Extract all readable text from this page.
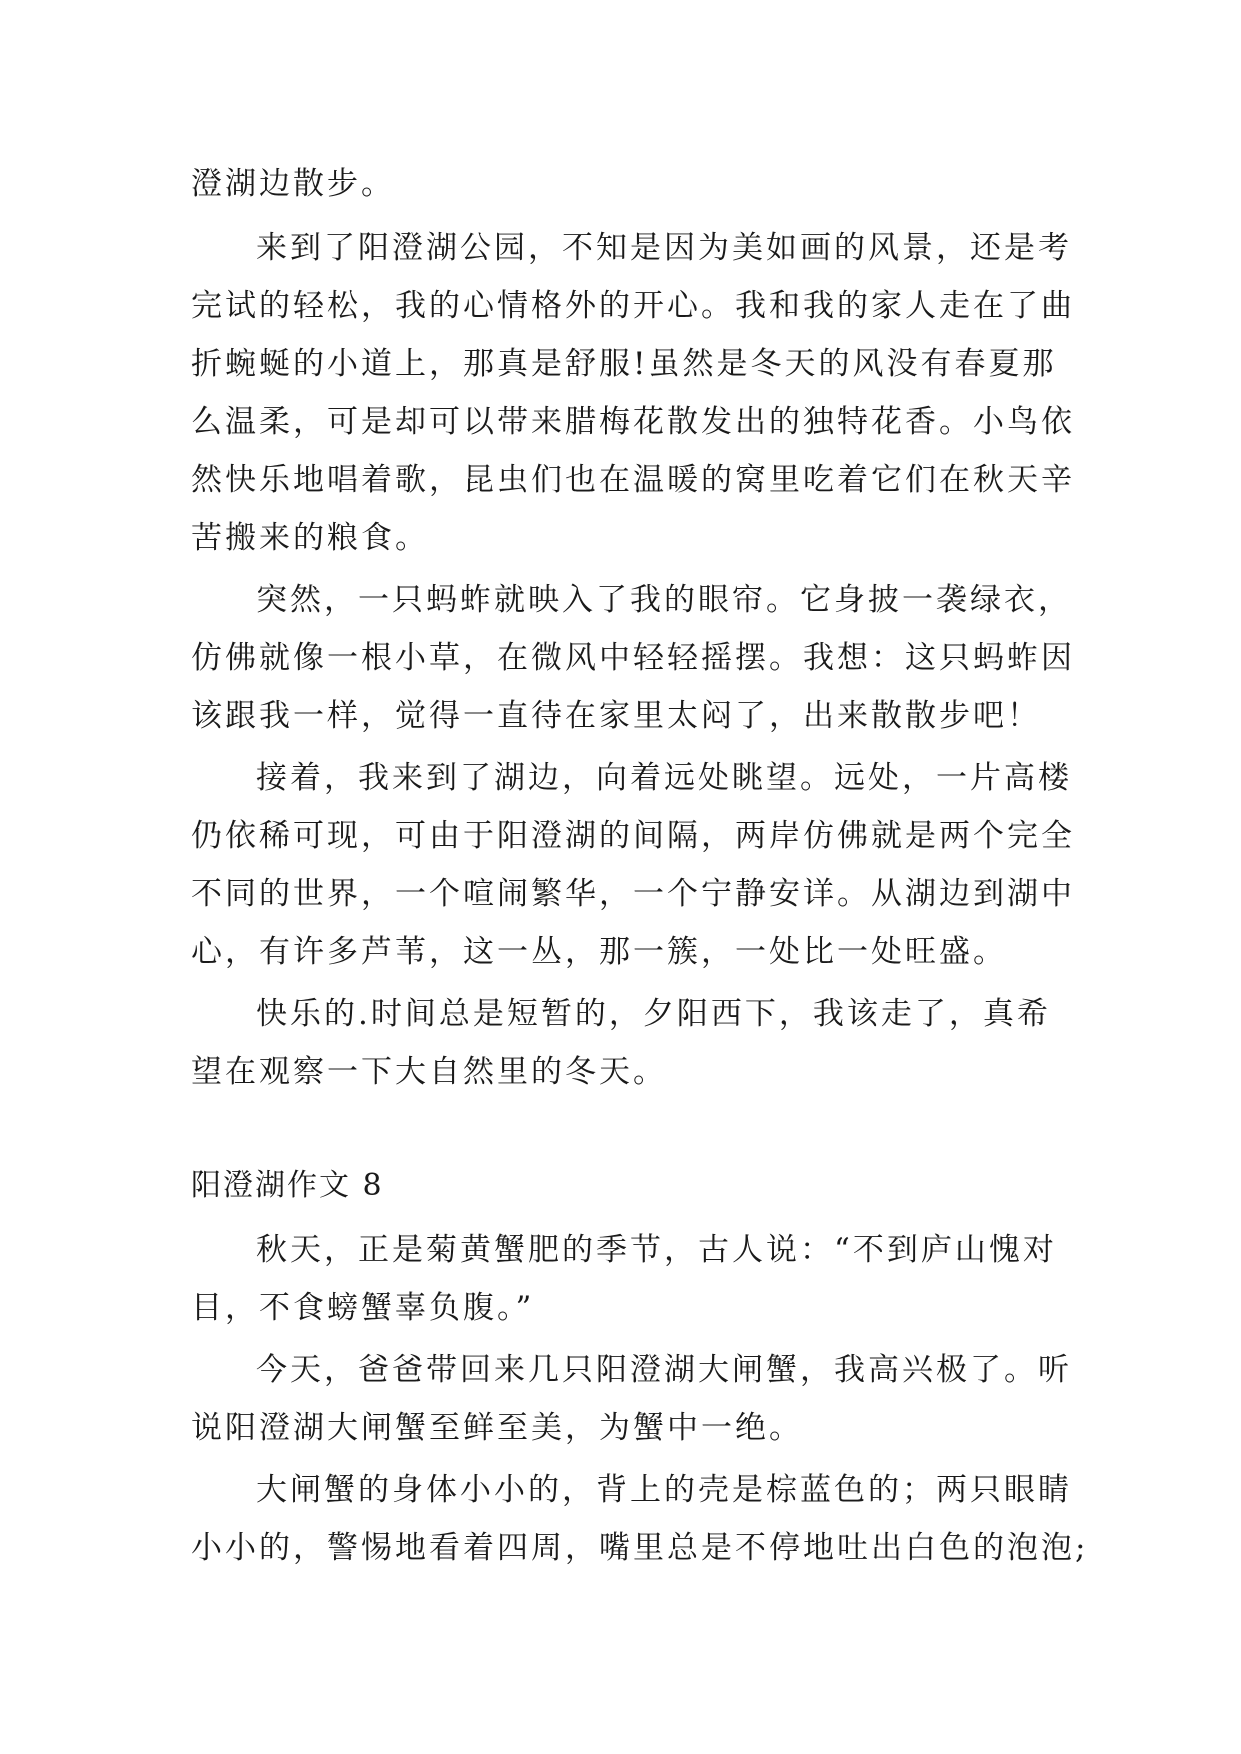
澄湖边散步。
来到了阳澄湖公园，不知是因为美如画的风景，还是考
完试的轻松，我的心情格外的开心。我和我的家人走在了曲
折蜿蜒的小道上，那真是舒服!虽然是冬天的风没有春夏那
么温柔，可是却可以带来腊梅花散发出的独特花香。小鸟依
然快乐地唱着歌，昆虫们也在温暖的窝里吃着它们在秋天辛
苦搬来的粮食。
突然，一只蚂蚱就映入了我的眼帘。它身披一袭绿衣，
仿佛就像一根小草，在微风中轻轻摇摆。我想：这只蚂蚱因
该跟我一样，觉得一直待在家里太闷了，出来散散步吧！
接着，我来到了湖边，向着远处眺望。远处，一片高楼
仍依稀可现，可由于阳澄湖的间隔，两岸仿佛就是两个完全
不同的世界，一个喧闹繁华，一个宁静安详。从湖边到湖中
心，有许多芦苇，这一丛，那一簇，一处比一处旺盛。
快乐的.时间总是短暂的，夕阳西下，我该走了，真希
望在观察一下大自然里的冬天。
阳澄湖作文 8
秋天，正是菊黄蟹肥的季节，古人说：“不到庐山愧对
目，不食螃蟹辜负腹。”
今天，爸爸带回来几只阳澄湖大闸蟹，我高兴极了。听
说阳澄湖大闸蟹至鲜至美，为蟹中一绝。
大闸蟹的身体小小的，背上的壳是棕蓝色的；两只眼睛
小小的，警惕地看着四周，嘴里总是不停地吐出白色的泡泡;
